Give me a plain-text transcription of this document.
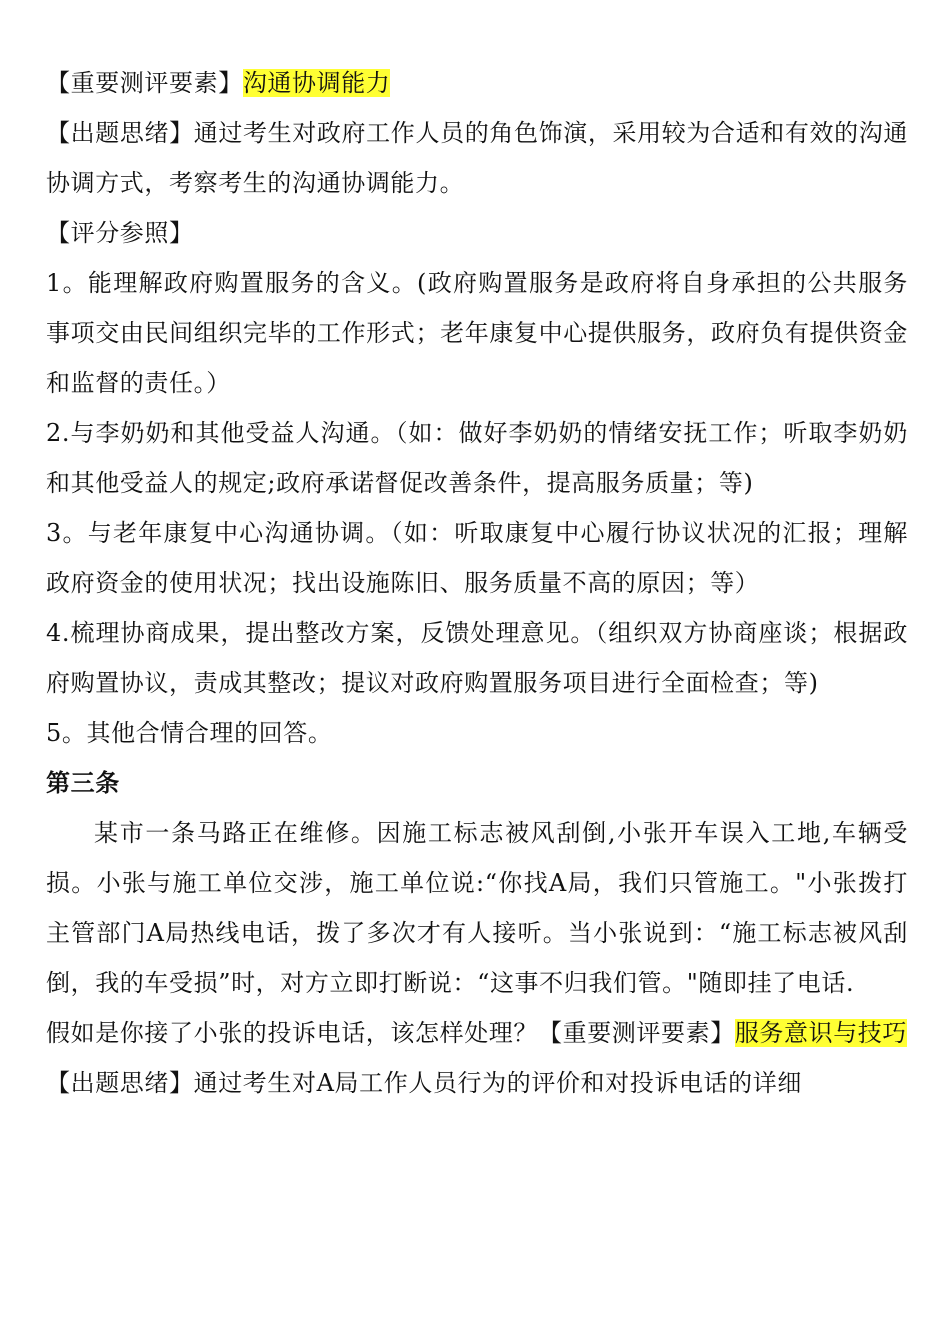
【重要测评要素】沟通协调能力

【出题思绪】通过考生对政府工作人员的角色饰演，采用较为合适和有效的沟通协调方式，考察考生的沟通协调能力。

【评分参照】

1。能理解政府购置服务的含义。(政府购置服务是政府将自身承担的公共服务事项交由民间组织完毕的工作形式；老年康复中心提供服务，政府负有提供资金和监督的责任。）

2.与李奶奶和其他受益人沟通。（如：做好李奶奶的情绪安抚工作；听取李奶奶和其他受益人的规定;政府承诺督促改善条件，提高服务质量；等)

3。与老年康复中心沟通协调。（如：听取康复中心履行协议状况的汇报；理解政府资金的使用状况；找出设施陈旧、服务质量不高的原因；等）

4.梳理协商成果，提出整改方案，反馈处理意见。（组织双方协商座谈；根据政府购置协议，责成其整改；提议对政府购置服务项目进行全面检查；等)

5。其他合情合理的回答。

第三条

某市一条马路正在维修。因施工标志被风刮倒,小张开车误入工地,车辆受损。小张与施工单位交涉，施工单位说:“你找A局，我们只管施工。"小张拨打主管部门A局热线电话，拨了多次才有人接听。当小张说到：“施工标志被风刮倒，我的车受损”时，对方立即打断说：“这事不归我们管。"随即挂了电话.

假如是你接了小张的投诉电话，该怎样处理？【重要测评要素】服务意识与技巧

【出题思绪】通过考生对A局工作人员行为的评价和对投诉电话的详细
